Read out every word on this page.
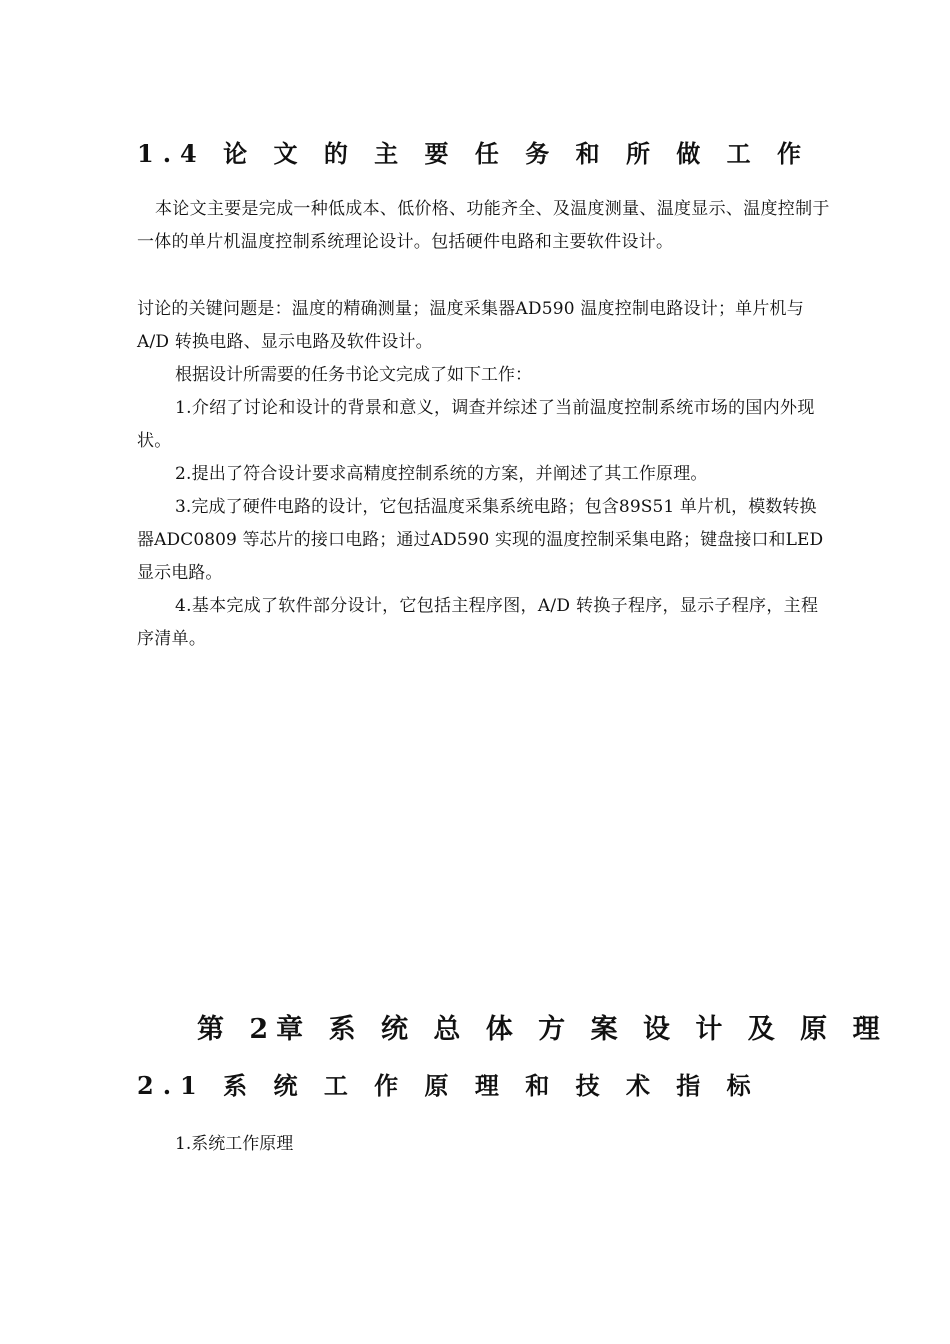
1.4 论 文 的 主 要 任 务 和 所 做 工 作

本论文主要是完成一种低成本、低价格、功能齐全、及温度测量、温度显示、温度控制于一体的单片机温度控制系统理论设计。包括硬件电路和主要软件设计。

讨论的关键问题是：温度的精确测量；温度采集器AD590 温度控制电路设计；单片机与A/D 转换电路、显示电路及软件设计。

根据设计所需要的任务书论文完成了如下工作：

1.介绍了讨论和设计的背景和意义，调查并综述了当前温度控制系统市场的国内外现状。

2.提出了符合设计要求高精度控制系统的方案，并阐述了其工作原理。

3.完成了硬件电路的设计，它包括温度采集系统电路；包含89S51 单片机，模数转换器ADC0809 等芯片的接口电路；通过AD590 实现的温度控制采集电路；键盘接口和LED 显示电路。

4.基本完成了软件部分设计，它包括主程序图，A/D 转换子程序，显示子程序，主程序清单。

第 2章 系 统 总 体 方 案 设 计 及 原 理
2.1 系 统 工 作 原 理 和 技 术 指 标
1.系统工作原理
